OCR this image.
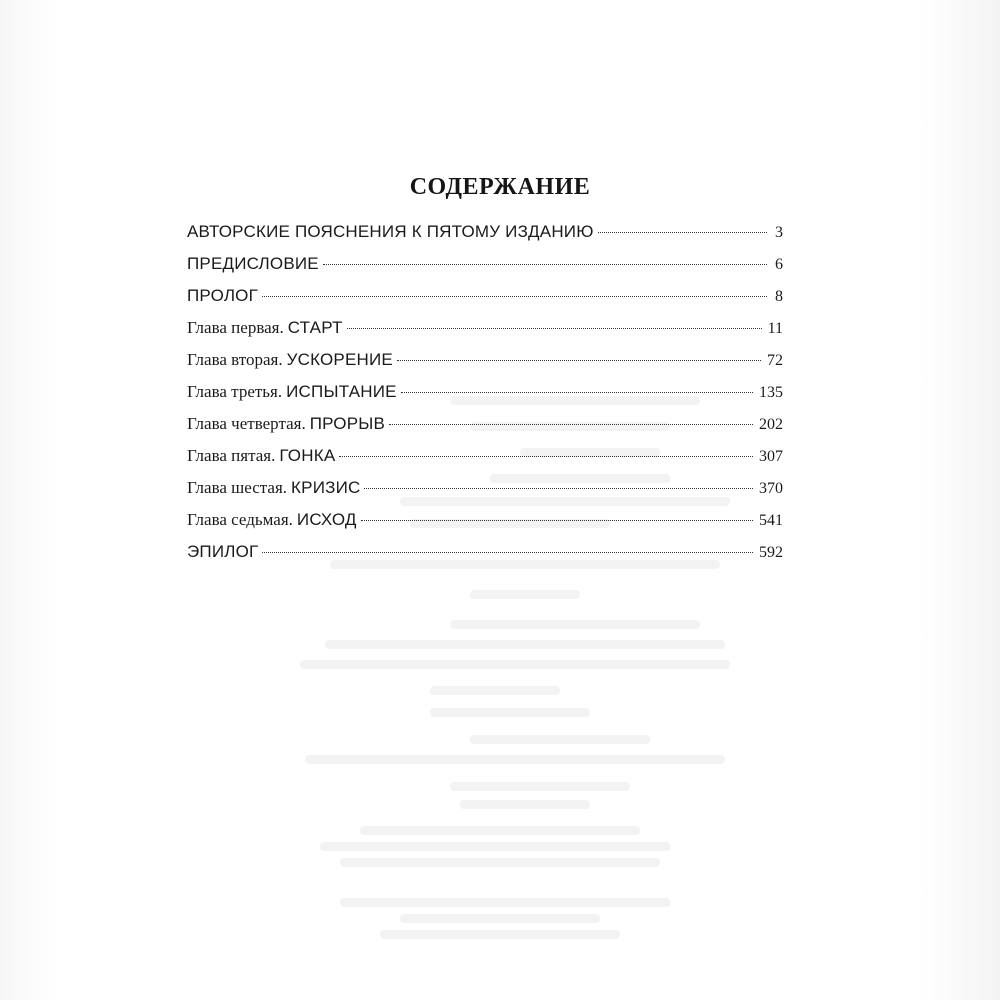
СОДЕРЖАНИЕ
АВТОРСКИЕ ПОЯСНЕНИЯ К ПЯТОМУ ИЗДАНИЮ	3
ПРЕДИСЛОВИЕ	6
ПРОЛОГ	8
Глава первая. СТАРТ	11
Глава вторая. УСКОРЕНИЕ	72
Глава третья. ИСПЫТАНИЕ	135
Глава четвертая. ПРОРЫВ	202
Глава пятая. ГОНКА	307
Глава шестая. КРИЗИС	370
Глава седьмая. ИСХОД	541
ЭПИЛОГ	592
